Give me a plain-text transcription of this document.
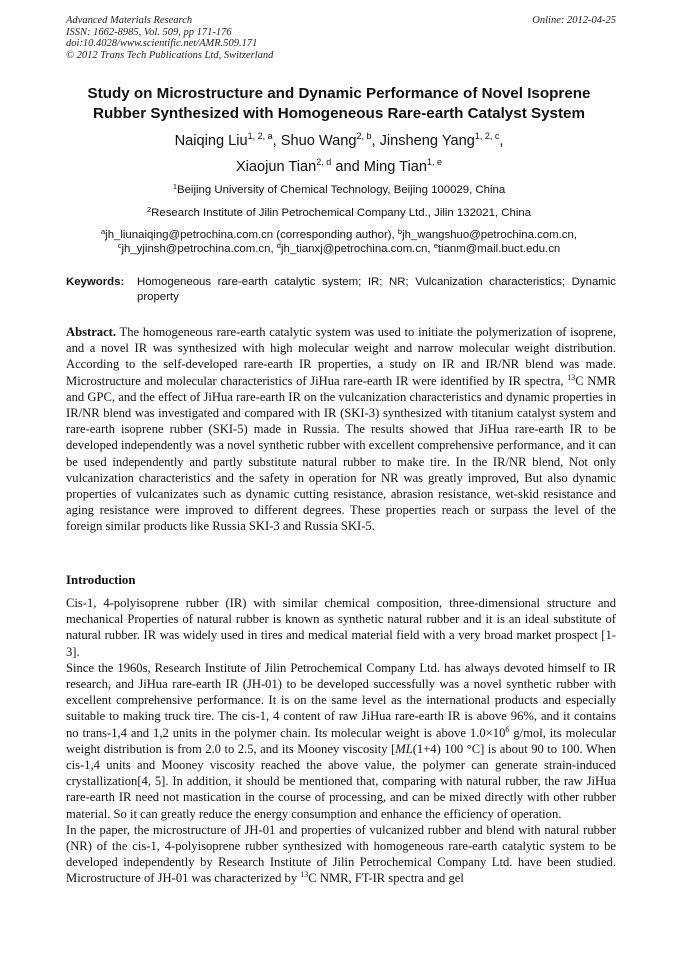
Advanced Materials Research
ISSN: 1662-8985, Vol. 509, pp 171-176
doi:10.4028/www.scientific.net/AMR.509.171
© 2012 Trans Tech Publications Ltd, Switzerland
Online: 2012-04-25
Study on Microstructure and Dynamic Performance of Novel Isoprene
Rubber Synthesized with Homogeneous Rare-earth Catalyst System
Naiqing Liu$^{1, 2, a}$, Shuo Wang$^{2, b}$, Jinsheng Yang$^{1, 2, c}$,
Xiaojun Tian$^{2, d}$ and Ming Tian$^{1, e}$
$^1$Beijing University of Chemical Technology, Beijing 100029, China
$^2$Research Institute of Jilin Petrochemical Company Ltd., Jilin 132021, China
$^a$jh_liunaiqing@petrochina.com.cn (corresponding author), $^b$jh_wangshuo@petrochina.com.cn,
$^c$jh_yjinsh@petrochina.com.cn, $^d$jh_tianxj@petrochina.com.cn, $^e$tianm@mail.buct.edu.cn
Keywords: Homogeneous rare-earth catalytic system; IR; NR; Vulcanization characteristics; Dynamic property

Abstract. The homogeneous rare-earth catalytic system was used to initiate the polymerization of isoprene, and a novel IR was synthesized with high molecular weight and narrow molecular weight distribution. According to the self-developed rare-earth IR properties, a study on IR and IR/NR blend was made. Microstructure and molecular characteristics of JiHua rare-earth IR were identified by IR spectra, $^{13}$C NMR and GPC, and the effect of JiHua rare-earth IR on the vulcanization characteristics and dynamic properties in IR/NR blend was investigated and compared with IR (SKI-3) synthesized with titanium catalyst system and rare-earth isoprene rubber (SKI-5) made in Russia. The results showed that JiHua rare-earth IR to be developed independently was a novel synthetic rubber with excellent comprehensive performance, and it can be used independently and partly substitute natural rubber to make tire. In the IR/NR blend, Not only vulcanization characteristics and the safety in operation for NR was greatly improved, But also dynamic properties of vulcanizates such as dynamic cutting resistance, abrasion resistance, wet-skid resistance and aging resistance were improved to different degrees. These properties reach or surpass the level of the foreign similar products like Russia SKI-3 and Russia SKI-5.

Introduction

Cis-1, 4-polyisoprene rubber (IR) with similar chemical composition, three-dimensional structure and mechanical Properties of natural rubber is known as synthetic natural rubber and it is an ideal substitute of natural rubber. IR was widely used in tires and medical material field with a very broad market prospect [1-3].

Since the 1960s, Research Institute of Jilin Petrochemical Company Ltd. has always devoted himself to IR research, and JiHua rare-earth IR (JH-01) to be developed successfully was a novel synthetic rubber with excellent comprehensive performance. It is on the same level as the international products and especially suitable to making truck tire. The cis-1, 4 content of raw JiHua rare-earth IR is above 96%, and it contains no trans-1,4 and 1,2 units in the polymer chain. Its molecular weight is above $1.0\times 10^6$ g/mol, its molecular weight distribution is from 2.0 to 2.5, and its Mooney viscosity [ML(1+4) 100 °C] is about 90 to 100. When cis-1,4 units and Mooney viscosity reached the above value, the polymer can generate strain-induced crystallization[4, 5]. In addition, it should be mentioned that, comparing with natural rubber, the raw JiHua rare-earth IR need not mastication in the course of processing, and can be mixed directly with other rubber material. So it can greatly reduce the energy consumption and enhance the efficiency of operation.

In the paper, the microstructure of JH-01 and properties of vulcanized rubber and blend with natural rubber (NR) of the cis-1, 4-polyisoprene rubber synthesized with homogeneous rare-earth catalytic system to be developed independently by Research Institute of Jilin Petrochemical Company Ltd. have been studied. Microstructure of JH-01 was characterized by $^{13}$C NMR, FT-IR spectra and gel
